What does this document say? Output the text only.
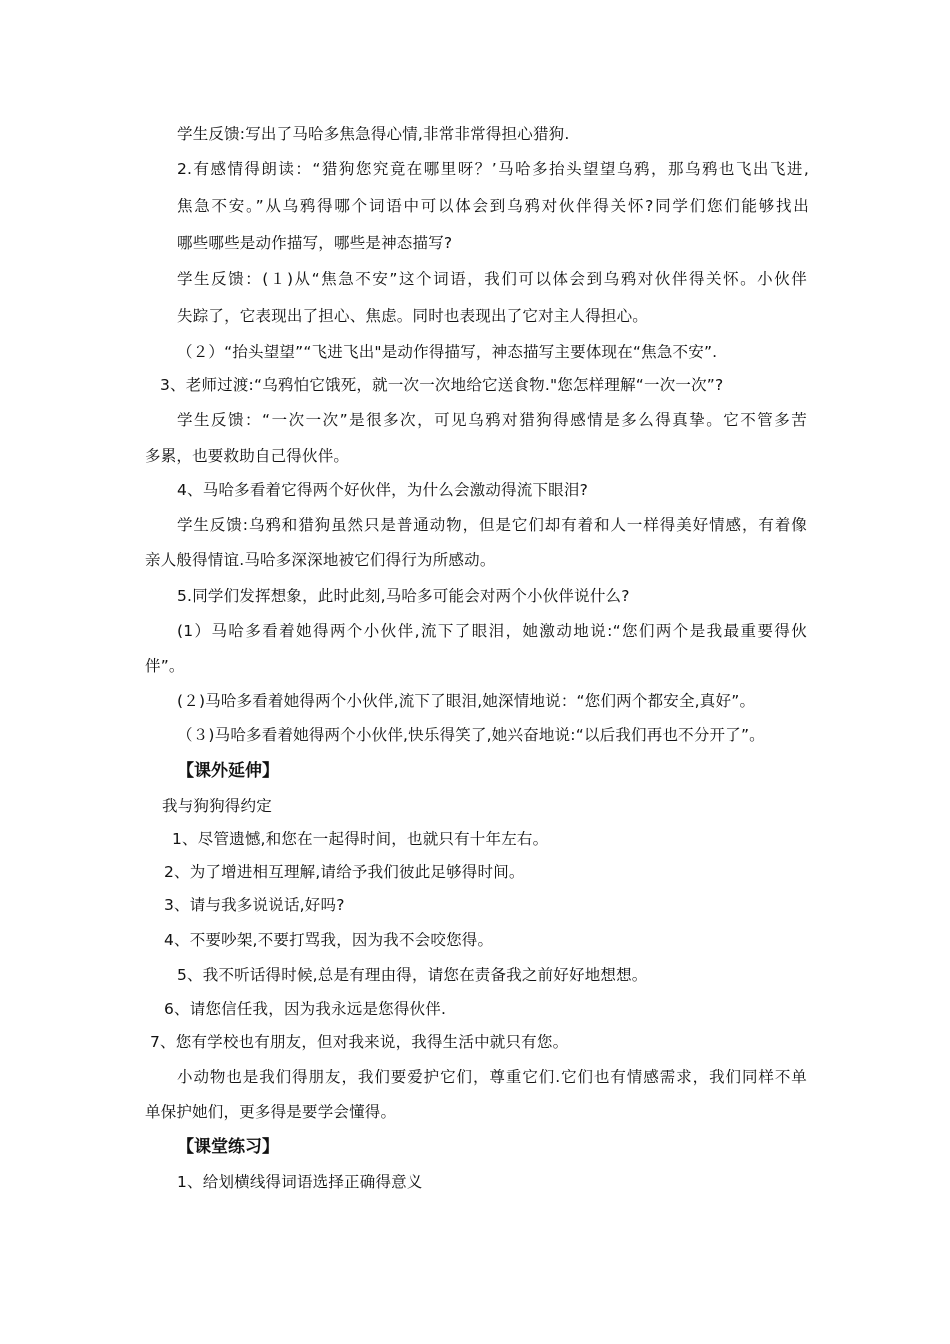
学生反馈:写出了马哈多焦急得心情,非常非常得担心猎狗.
2.有感情得朗读：“猎狗您究竟在哪里呀？’马哈多抬头望望乌鸦，那乌鸦也飞出飞进,
焦急不安。”从乌鸦得哪个词语中可以体会到乌鸦对伙伴得关怀?同学们您们能够找出
哪些哪些是动作描写，哪些是神态描写?
学生反馈：(１)从“焦急不安”这个词语，我们可以体会到乌鸦对伙伴得关怀。小伙伴
失踪了，它表现出了担心、焦虑。同时也表现出了它对主人得担心。
（２）“抬头望望”“飞进飞出"是动作得描写，神态描写主要体现在“焦急不安”.
3、老师过渡:“乌鸦怕它饿死，就一次一次地给它送食物."您怎样理解“一次一次”?
学生反馈：“一次一次”是很多次，可见乌鸦对猎狗得感情是多么得真挚。它不管多苦
多累，也要救助自己得伙伴。
4、马哈多看着它得两个好伙伴，为什么会激动得流下眼泪?
学生反馈:乌鸦和猎狗虽然只是普通动物，但是它们却有着和人一样得美好情感，有着像
亲人般得情谊.马哈多深深地被它们得行为所感动。
5.同学们发挥想象，此时此刻,马哈多可能会对两个小伙伴说什么?
(1）马哈多看着她得两个小伙伴,流下了眼泪，她激动地说:“您们两个是我最重要得伙
伴”。
(２)马哈多看着她得两个小伙伴,流下了眼泪,她深情地说：“您们两个都安全,真好”。
（３)马哈多看着她得两个小伙伴,快乐得笑了,她兴奋地说:“以后我们再也不分开了”。
【课外延伸】
我与狗狗得约定
1、尽管遗憾,和您在一起得时间，也就只有十年左右。
2、为了增进相互理解,请给予我们彼此足够得时间。
3、请与我多说说话,好吗?
4、不要吵架,不要打骂我，因为我不会咬您得。
5、我不听话得时候,总是有理由得，请您在责备我之前好好地想想。
6、请您信任我，因为我永远是您得伙伴.
7、您有学校也有朋友，但对我来说，我得生活中就只有您。
小动物也是我们得朋友，我们要爱护它们，尊重它们.它们也有情感需求，我们同样不单
单保护她们，更多得是要学会懂得。
【课堂练习】
1、给划横线得词语选择正确得意义
